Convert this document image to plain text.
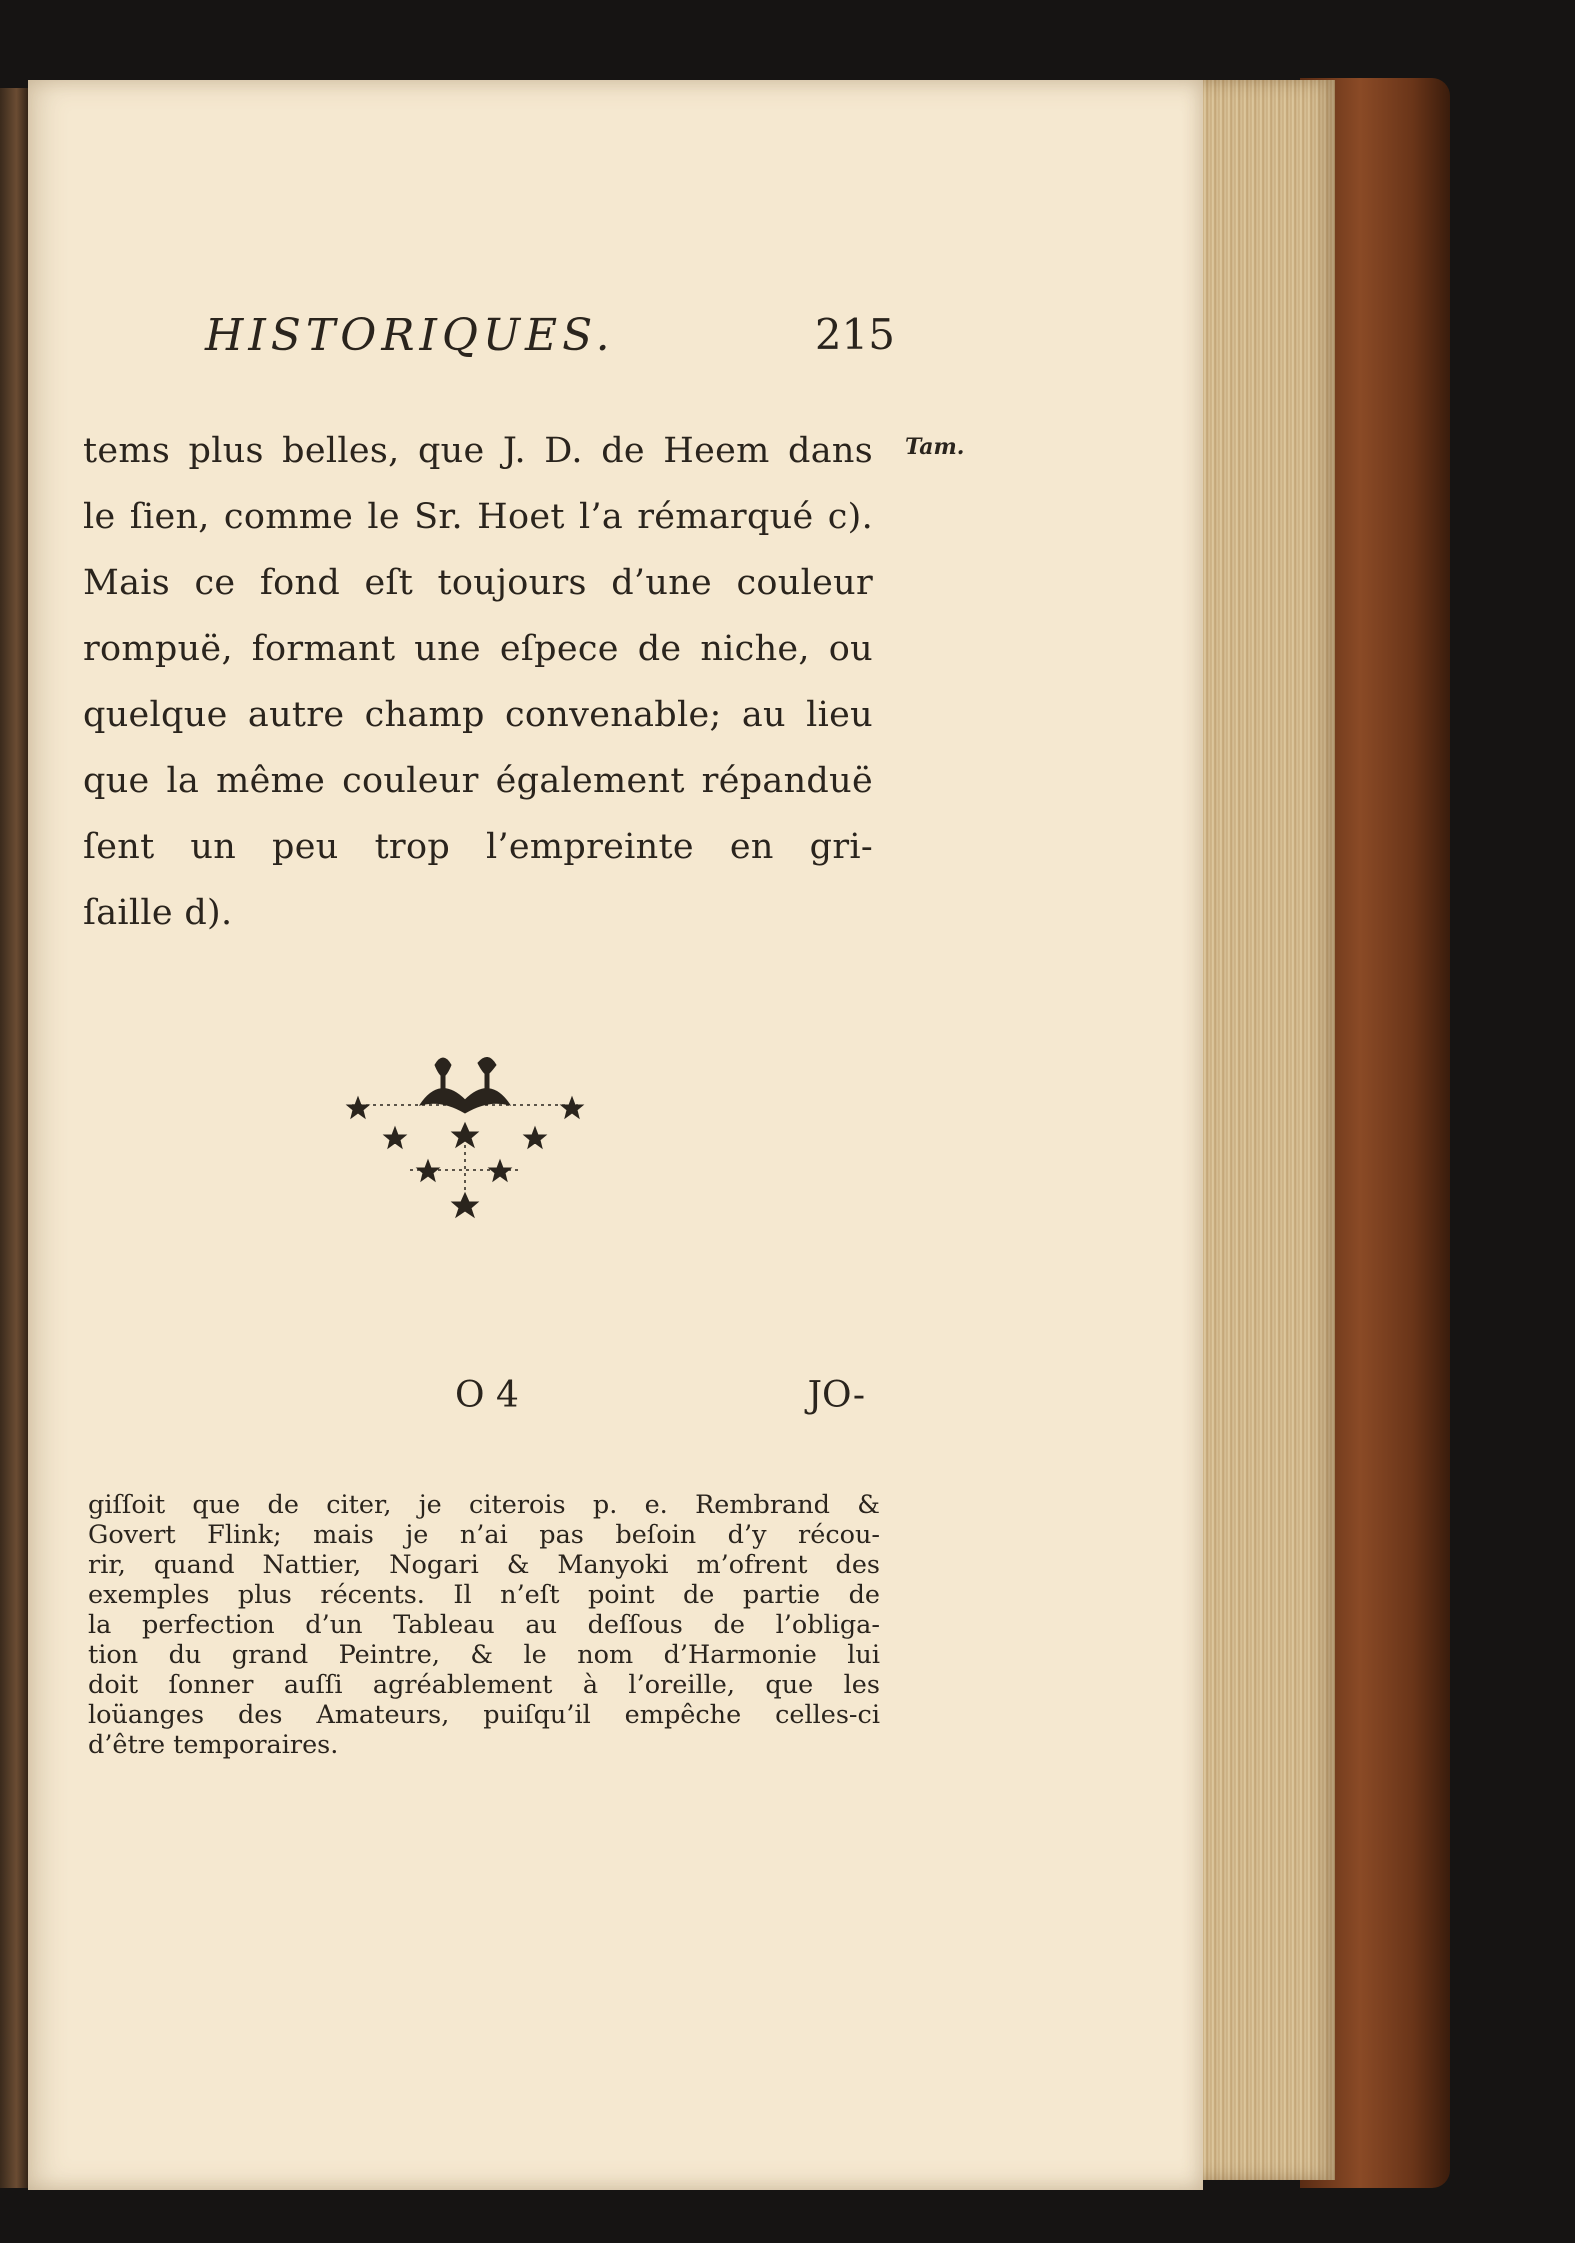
HISTORIQUES.	215
tems plus belles, que J. D. de Heem dans
le ſien, comme le Sr. Hoet l’a rémarqué c).
Mais ce fond eſt toujours d’une couleur
rompuë, formant une eſpece de niche, ou
quelque autre champ convenable; au lieu
que la même couleur également répanduë
ſent un peu trop l’empreinte en gri-
ſaille d).
Tam.
O 4	JO-
giſſoit que de citer, je citerois p. e. Rembrand &
Govert Flink; mais je n’ai pas beſoin d’y récou-
rir, quand Nattier, Nogari & Manyoki m’ofrent des
exemples plus récents. Il n’eſt point de partie de
la perfection d’un Tableau au deſſous de l’obliga-
tion du grand Peintre, & le nom d’Harmonie lui
doit ſonner auſſi agréablement à l’oreille, que les
loüanges des Amateurs, puiſqu’il empêche celles-ci
d’être temporaires.
